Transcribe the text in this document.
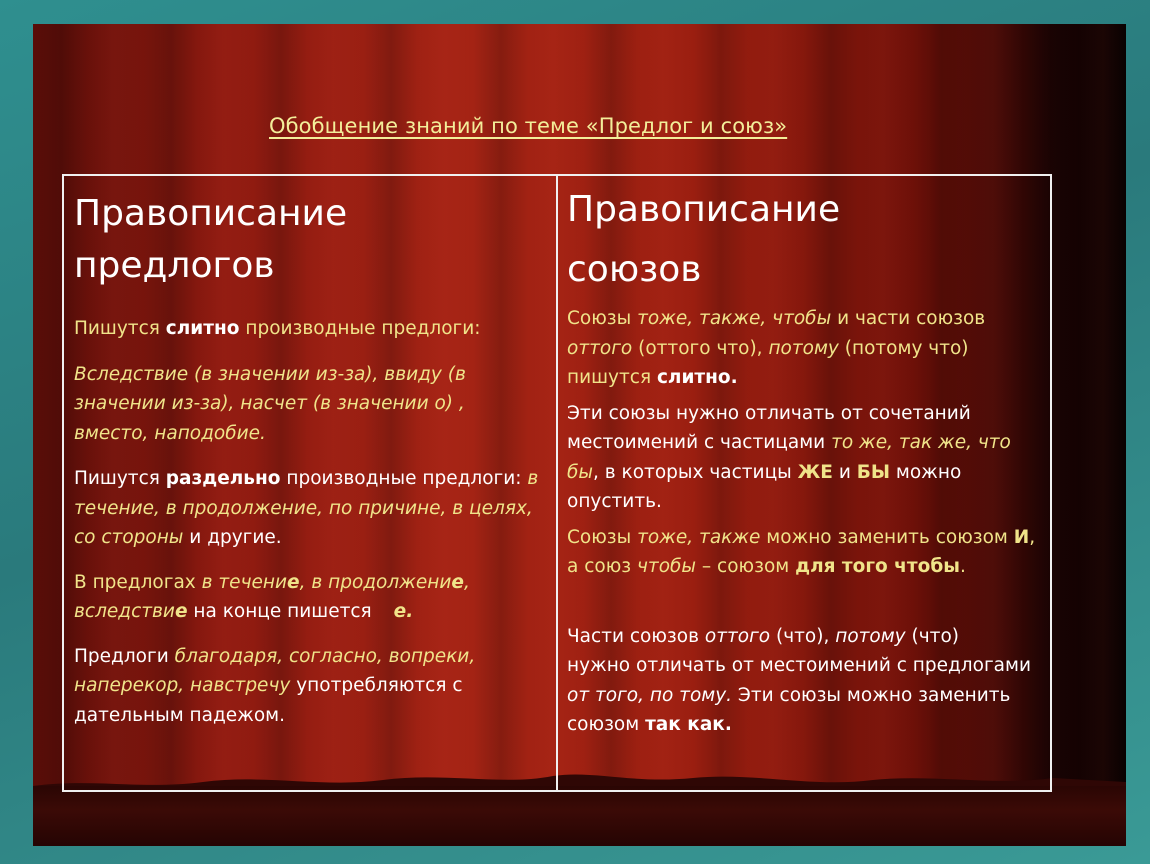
Обобщение знаний по теме «Предлог и союз»
Правописание
предлогов

Пишутся слитно производные предлоги:

Вследствие (в значении из-за), ввиду (в значении из-за), насчет (в значении о) , вместо, наподобие.

Пишутся раздельно производные предлоги: в течение, в продолжение, по причине, в целях, со стороны и другие.

В предлогах в течение, в продолжение, вследствие на конце пишется е.

Предлоги благодаря, согласно, вопреки, наперекор, навстречу употребляются с дательным падежом.

Правописание
союзов

Союзы тоже, также, чтобы и части союзов оттого (оттого что), потому (потому что) пишутся слитно.

Эти союзы нужно отличать от сочетаний местоимений с частицами то же, так же, что бы, в которых частицы ЖЕ и БЫ можно опустить.

Союзы тоже, также можно заменить союзом И, а союз чтобы – союзом для того чтобы.

Части союзов оттого (что), потому (что)
нужно отличать от местоимений с предлогами от того, по тому. Эти союзы можно заменить союзом так как.
